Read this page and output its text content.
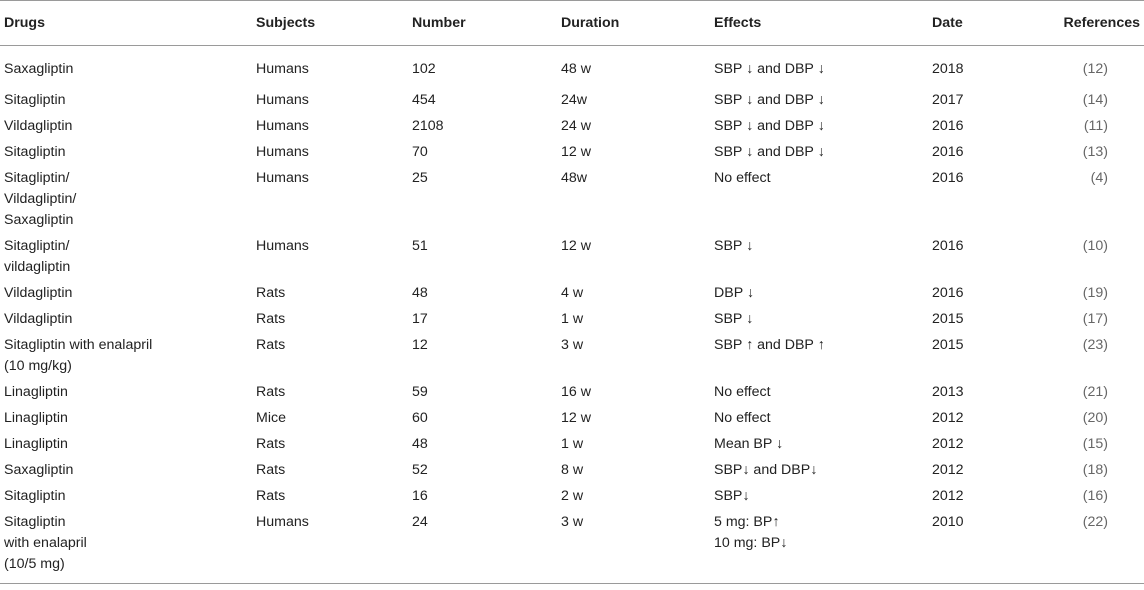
Drugs	Subjects	Number	Duration	Effects	Date	References

Saxagliptin	Humans	102	48 w	SBP ↓ and DBP ↓	2018	(12)

Sitagliptin	Humans	454	24w	SBP ↓ and DBP ↓	2017	(14)

Vildagliptin	Humans	2108	24 w	SBP ↓ and DBP ↓	2016	(11)

Sitagliptin	Humans	70	12 w	SBP ↓ and DBP ↓	2016	(13)

Sitagliptin/
Vildagliptin/
Saxagliptin	Humans	25	48w	No effect	2016	(4)

Sitagliptin/
vildagliptin	Humans	51	12 w	SBP ↓	2016	(10)

Vildagliptin	Rats	48	4 w	DBP ↓	2016	(19)

Vildagliptin	Rats	17	1 w	SBP ↓	2015	(17)

Sitagliptin with enalapril
(10 mg/kg)	Rats	12	3 w	SBP ↑ and DBP ↑	2015	(23)

Linagliptin	Rats	59	16 w	No effect	2013	(21)

Linagliptin	Mice	60	12 w	No effect	2012	(20)

Linagliptin	Rats	48	1 w	Mean BP ↓	2012	(15)

Saxagliptin	Rats	52	8 w	SBP↓ and DBP↓	2012	(18)

Sitagliptin	Rats	16	2 w	SBP↓	2012	(16)

Sitagliptin
with enalapril
(10/5 mg)	Humans	24	3 w	5 mg: BP↑
10 mg: BP↓	2010	(22)
